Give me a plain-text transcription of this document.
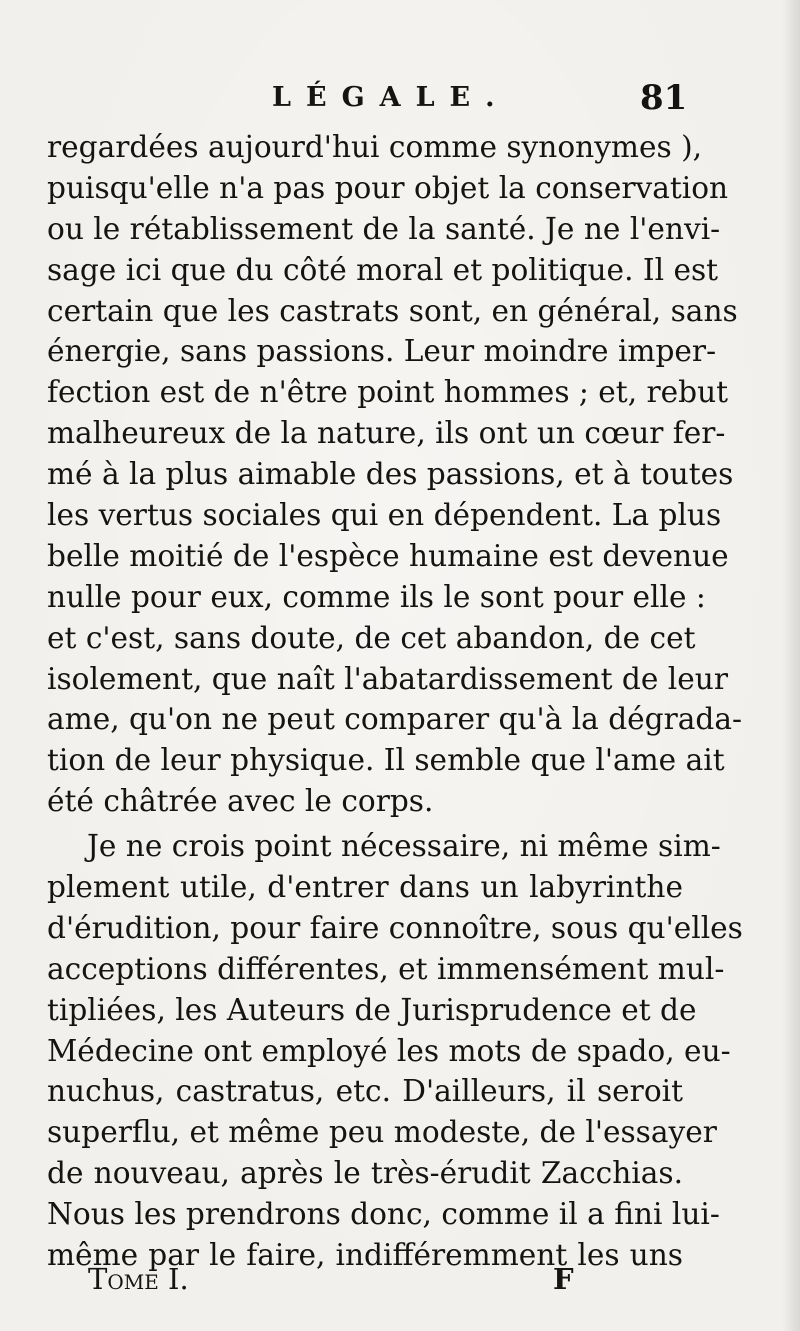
LÉGALE.	81
regardées aujourd'hui comme synonymes ),
puisqu'elle n'a pas pour objet la conservation
ou le rétablissement de la santé. Je ne l'envi-
sage ici que du côté moral et politique. Il est
certain que les castrats sont, en général, sans
énergie, sans passions. Leur moindre imper-
fection est de n'être point hommes ; et, rebut
malheureux de la nature, ils ont un cœur fer-
mé à la plus aimable des passions, et à toutes
les vertus sociales qui en dépendent. La plus
belle moitié de l'espèce humaine est devenue
nulle pour eux, comme ils le sont pour elle :
et c'est, sans doute, de cet abandon, de cet
isolement, que naît l'abatardissement de leur
ame, qu'on ne peut comparer qu'à la dégrada-
tion de leur physique. Il semble que l'ame ait
été châtrée avec le corps.
Je ne crois point nécessaire, ni même sim-
plement utile, d'entrer dans un labyrinthe
d'érudition, pour faire connoître, sous qu'elles
acceptions différentes, et immensément mul-
tipliées, les Auteurs de Jurisprudence et de
Médecine ont employé les mots de spado, eu-
nuchus, castratus, etc. D'ailleurs, il seroit
superflu, et même peu modeste, de l'essayer
de nouveau, après le très-érudit Zacchias.
Nous les prendrons donc, comme il a fini lui-
même par le faire, indifféremment les uns
Tome I.	F
